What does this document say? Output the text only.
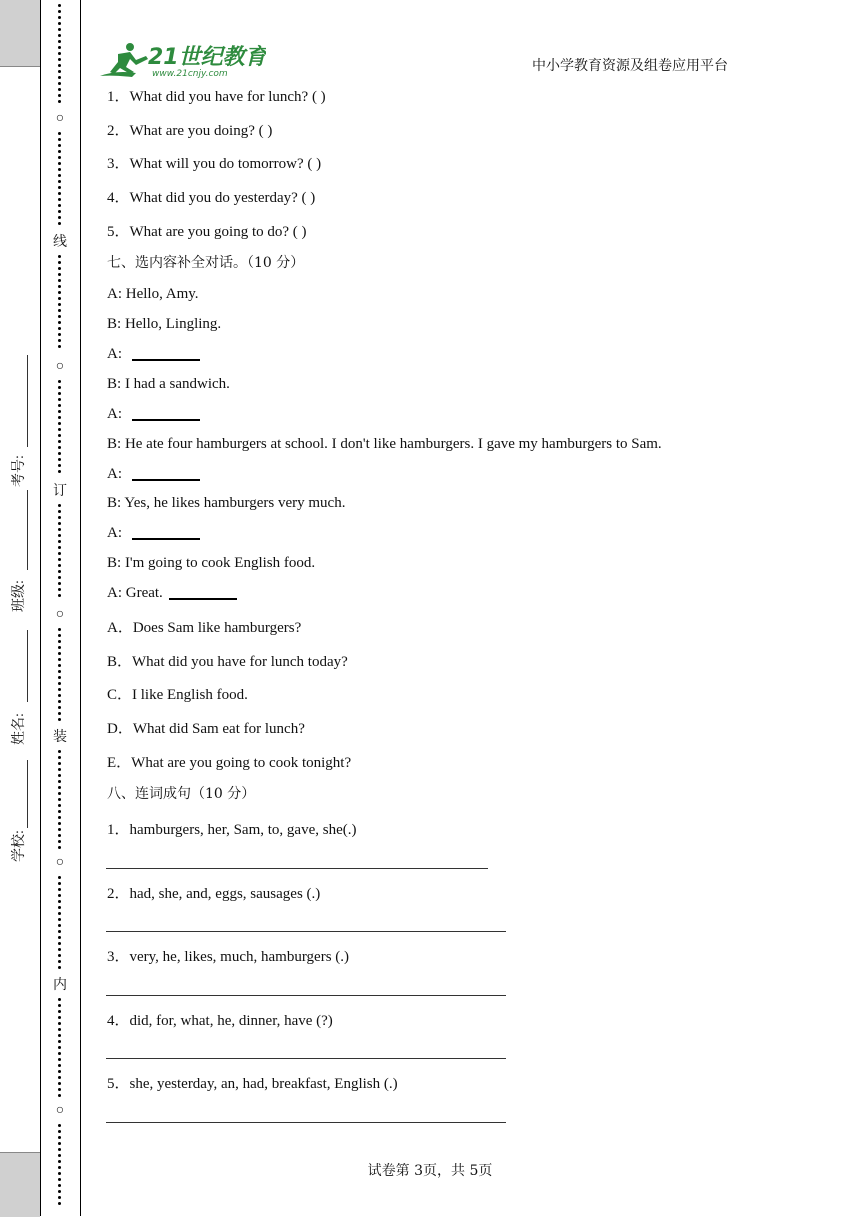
学校:
姓名:
班级:
考号:
○
○
○
○
○
线
订
装
内
21世纪教育
www.21cnjy.com	中小学教育资源及组卷应用平台
1．What did you have for lunch? ( )
2．What are you doing? ( )
3．What will you do tomorrow? ( )
4．What did you do yesterday? ( )
5．What are you going to do? ( )
七、选内容补全对话。（10 分）
A: Hello, Amy.
B: Hello, Lingling.
A:
B: I had a sandwich.
A:
B: He ate four hamburgers at school. I don't like hamburgers. I gave my hamburgers to Sam.
A:
B: Yes, he likes hamburgers very much.
A:
B: I'm going to cook English food.
A: Great.
A．Does Sam like hamburgers?
B．What did you have for lunch today?
C．I like English food.
D．What did Sam eat for lunch?
E．What are you going to cook tonight?
八、连词成句（10 分）
1．hamburgers, her, Sam, to, gave, she(.)
2．had, she, and, eggs, sausages (.)
3．very, he, likes, much, hamburgers (.)
4．did, for, what, he, dinner, have (?)
5．she, yesterday, an, had, breakfast, English (.)
试卷第 3页，共 5页
